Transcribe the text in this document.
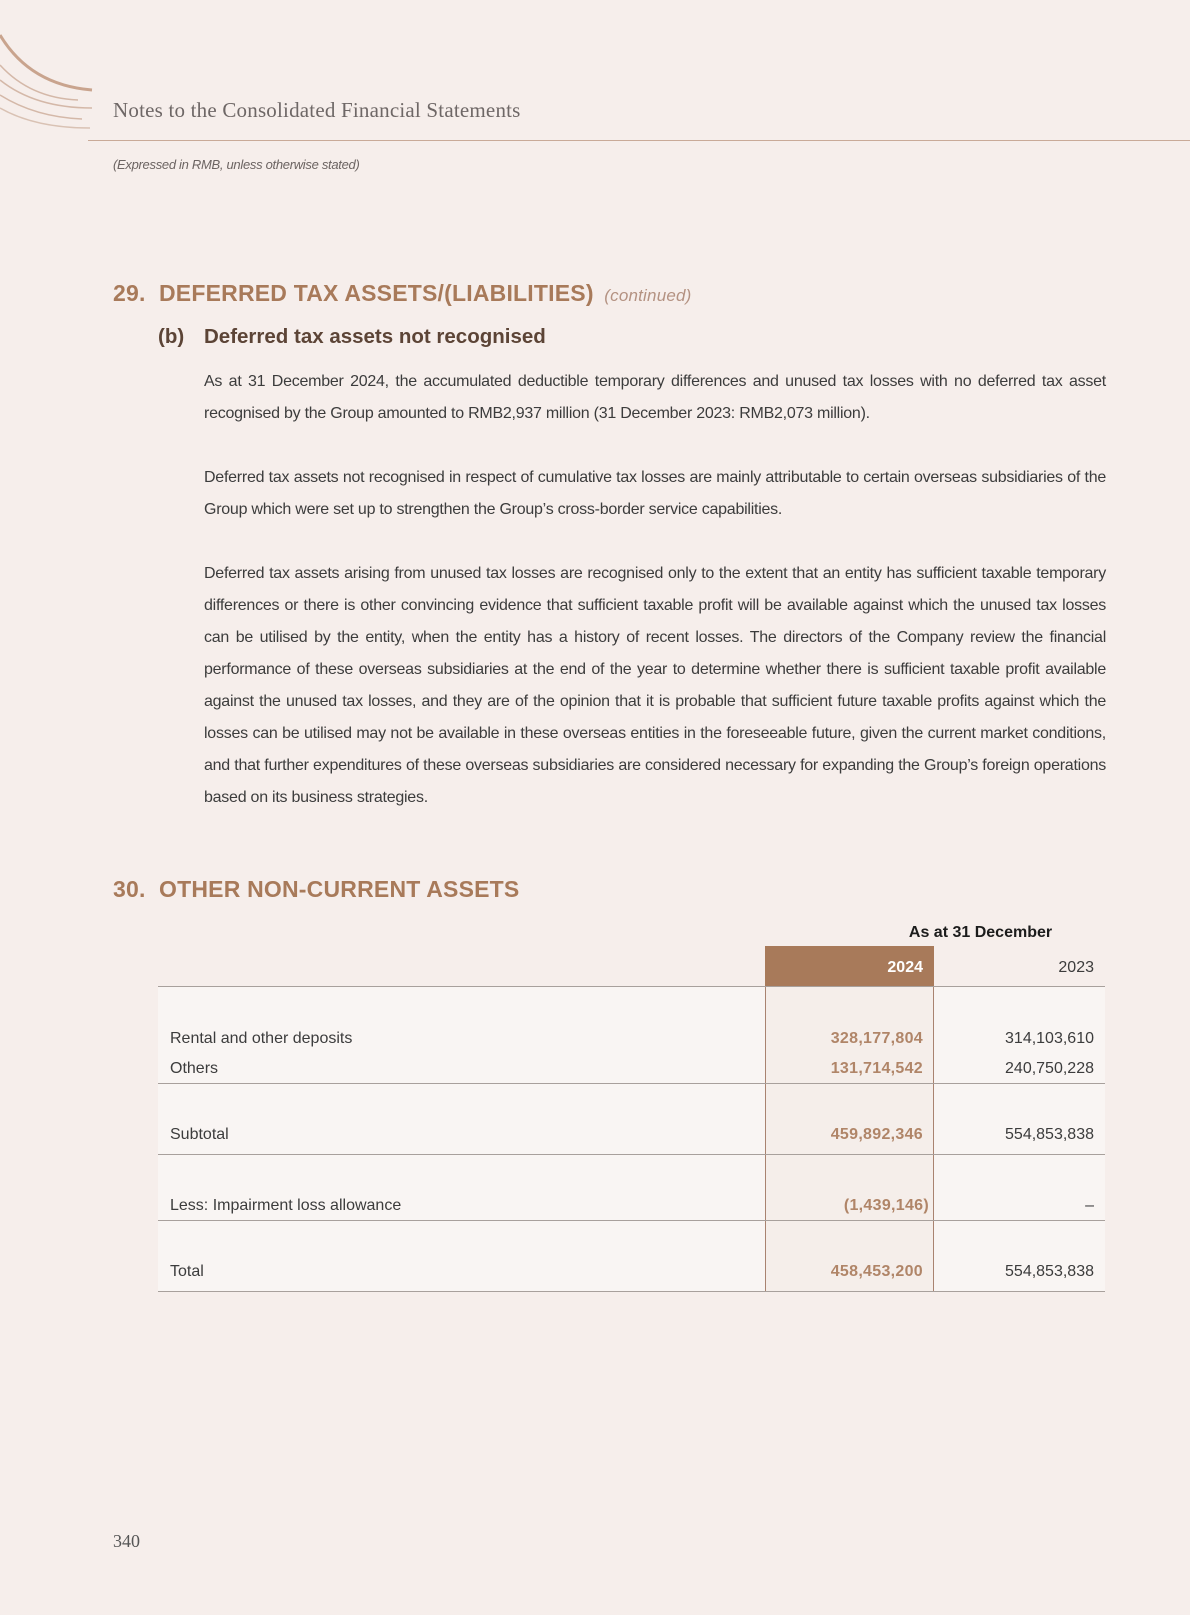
Notes to the Consolidated Financial Statements
(Expressed in RMB, unless otherwise stated)
29. DEFERRED TAX ASSETS/(LIABILITIES) (continued)
(b) Deferred tax assets not recognised
As at 31 December 2024, the accumulated deductible temporary differences and unused tax losses with no deferred tax asset recognised by the Group amounted to RMB2,937 million (31 December 2023: RMB2,073 million).
Deferred tax assets not recognised in respect of cumulative tax losses are mainly attributable to certain overseas subsidiaries of the Group which were set up to strengthen the Group’s cross-border service capabilities.
Deferred tax assets arising from unused tax losses are recognised only to the extent that an entity has sufficient taxable temporary differences or there is other convincing evidence that sufficient taxable profit will be available against which the unused tax losses can be utilised by the entity, when the entity has a history of recent losses. The directors of the Company review the financial performance of these overseas subsidiaries at the end of the year to determine whether there is sufficient taxable profit available against the unused tax losses, and they are of the opinion that it is probable that sufficient future taxable profits against which the losses can be utilised may not be available in these overseas entities in the foreseeable future, given the current market conditions, and that further expenditures of these overseas subsidiaries are considered necessary for expanding the Group’s foreign operations based on its business strategies.
30. OTHER NON-CURRENT ASSETS
As at 31 December
2024	2023
Rental and other deposits	328,177,804	314,103,610
Others	131,714,542	240,750,228
Subtotal	459,892,346	554,853,838
Less: Impairment loss allowance	(1,439,146)	–
Total	458,453,200	554,853,838
340
